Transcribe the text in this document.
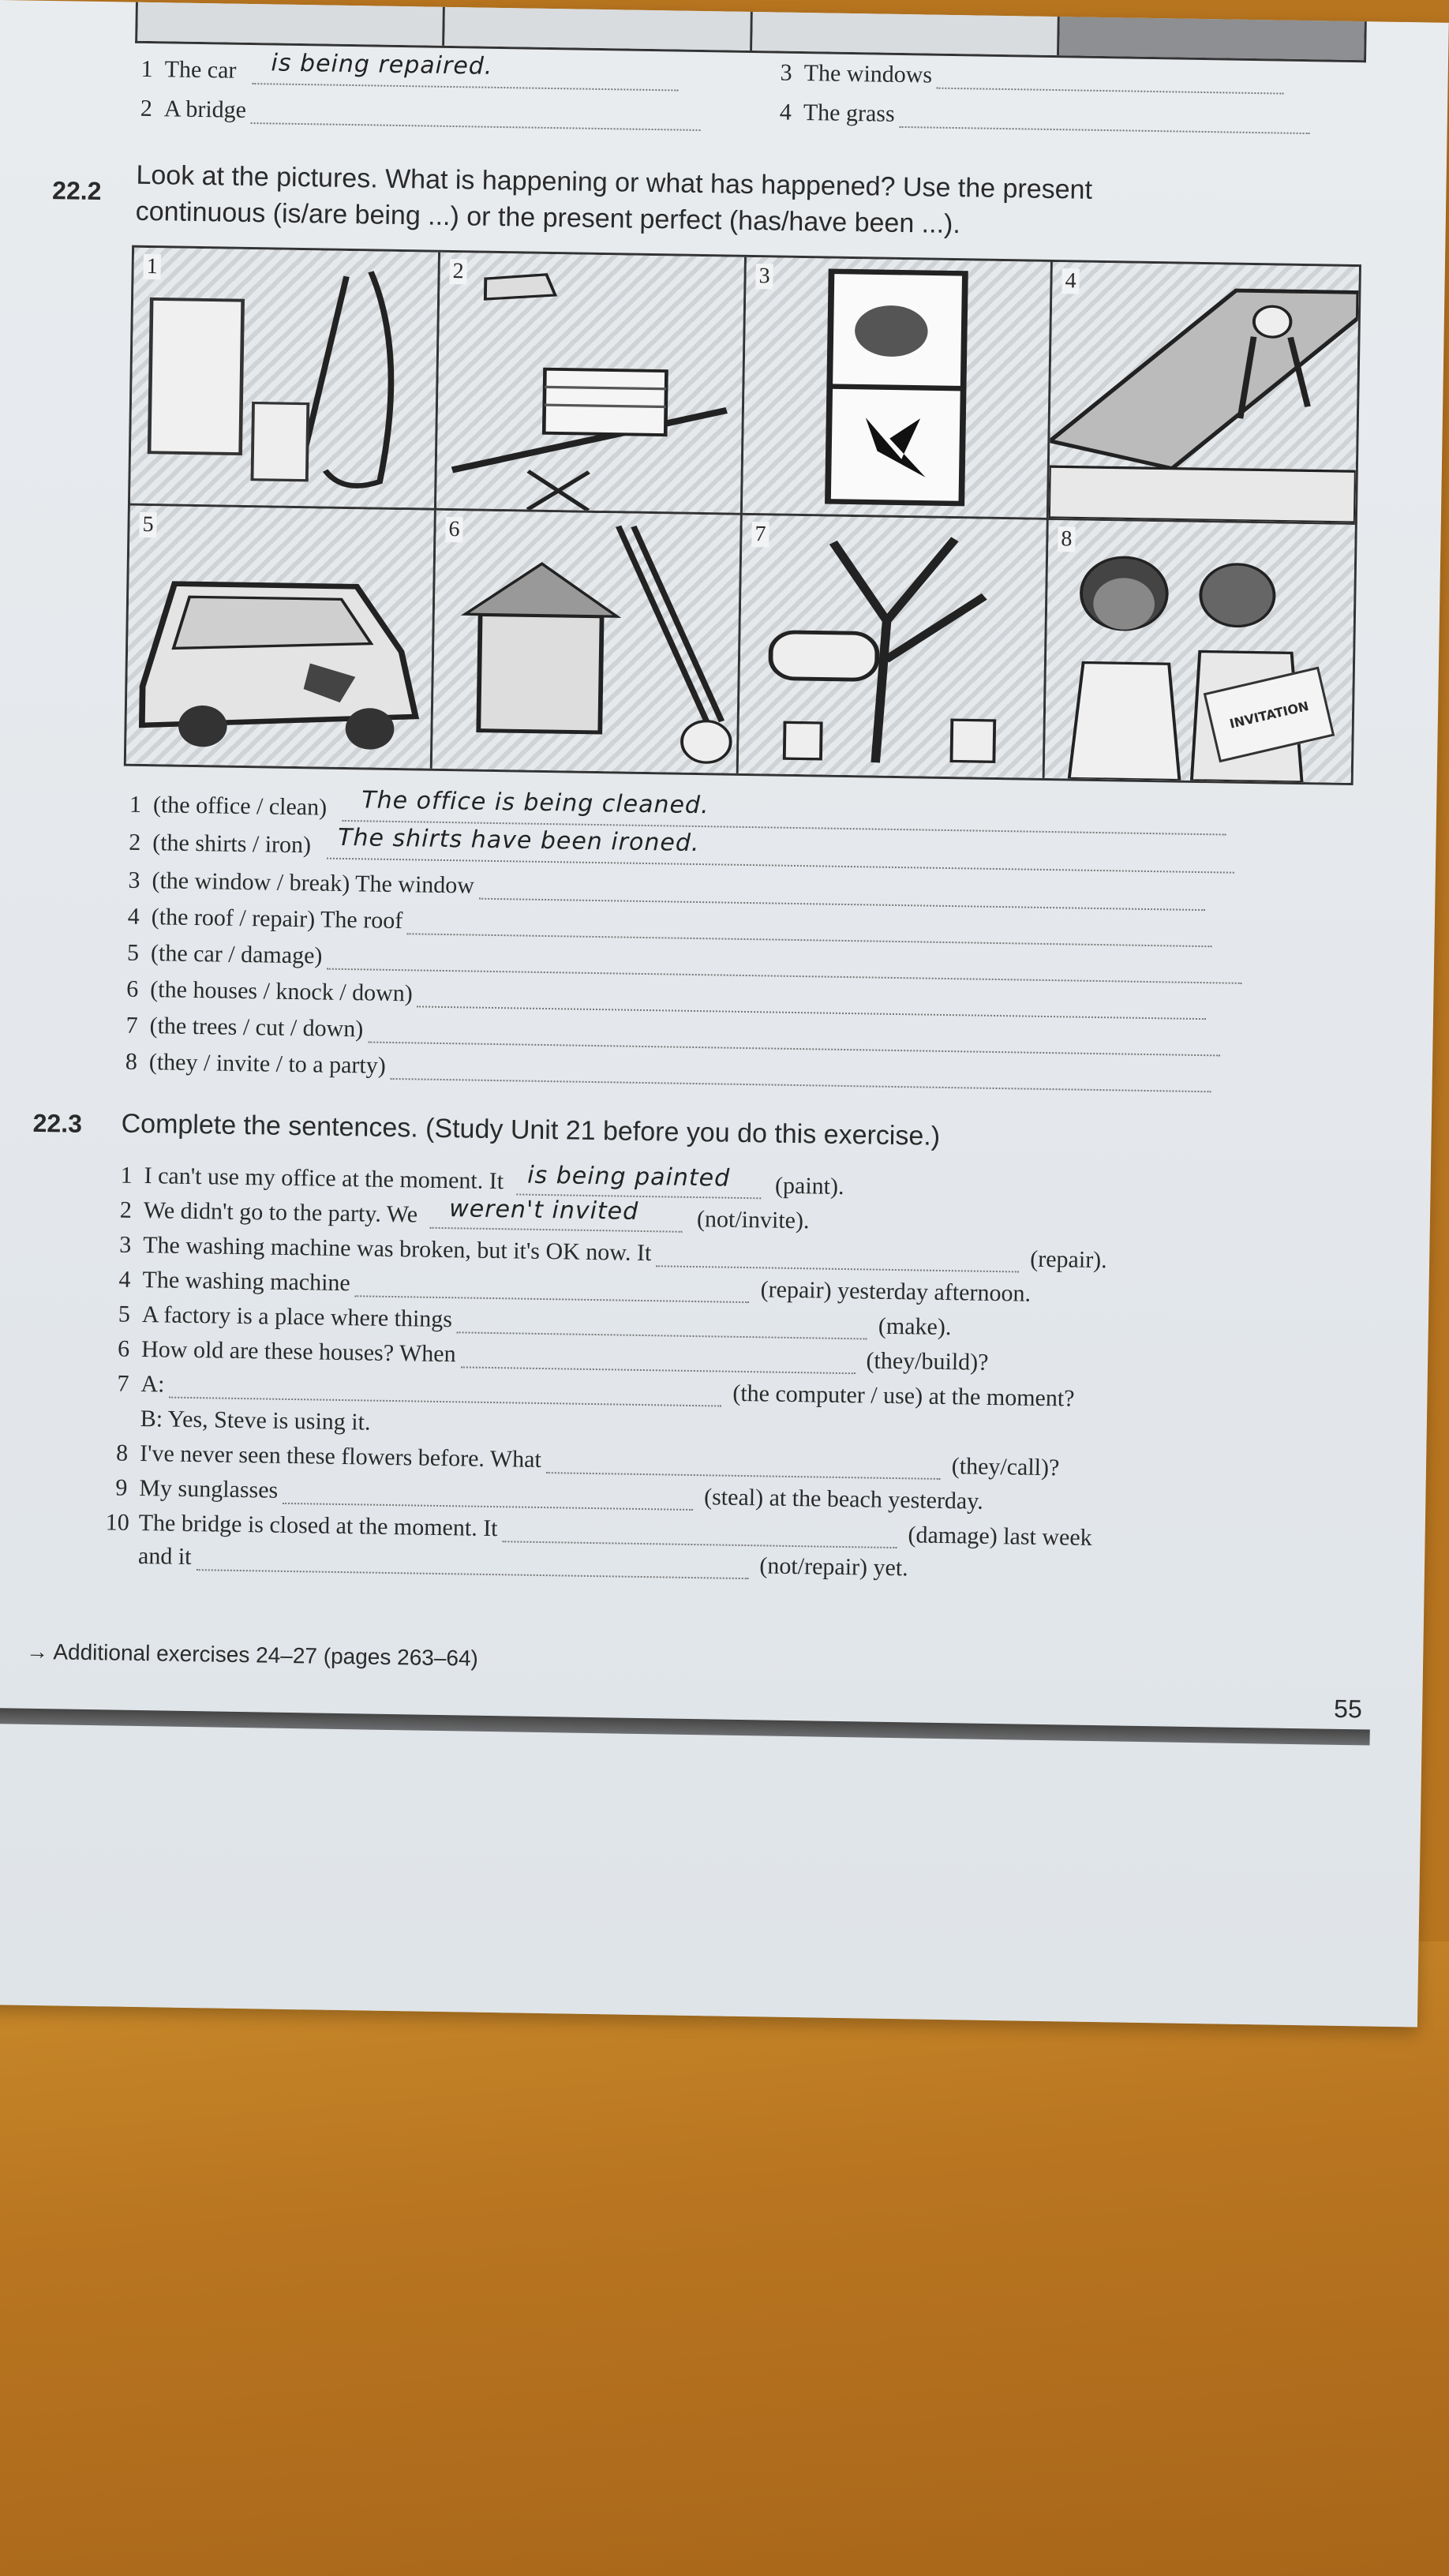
1 The car is being repaired.
2 A bridge
3 The windows
4 The grass
22.2 Look at the pictures. What is happening or what has happened? Use the present
continuous (is/are being ...) or the present perfect (has/have been ...).
1	2	3	4
5	6	7
INVITATION
8
1 (the office / clean) The office is being cleaned.
2 (the shirts / iron) The shirts have been ironed.
3 (the window / break) The window
4 (the roof / repair) The roof
5 (the car / damage)
6 (the houses / knock / down)
7 (the trees / cut / down)
8 (they / invite / to a party)
22.3 Complete the sentences. (Study Unit 21 before you do this exercise.)
1 I can't use my office at the moment. It is being painted (paint).
2 We didn't go to the party. We weren't invited (not/invite).
3 The washing machine was broken, but it's OK now. It	(repair).
4 The washing machine	(repair) yesterday afternoon.
5 A factory is a place where things	(make).
6 How old are these houses? When	(they/build)?
7 A:	(the computer / use) at the moment?
B: Yes, Steve is using it.
8 I've never seen these flowers before. What	(they/call)?
9 My sunglasses	(steal) at the beach yesterday.
10 The bridge is closed at the moment. It	(damage) last week
and it	(not/repair) yet.
→ Additional exercises 24–27 (pages 263–64)
55
